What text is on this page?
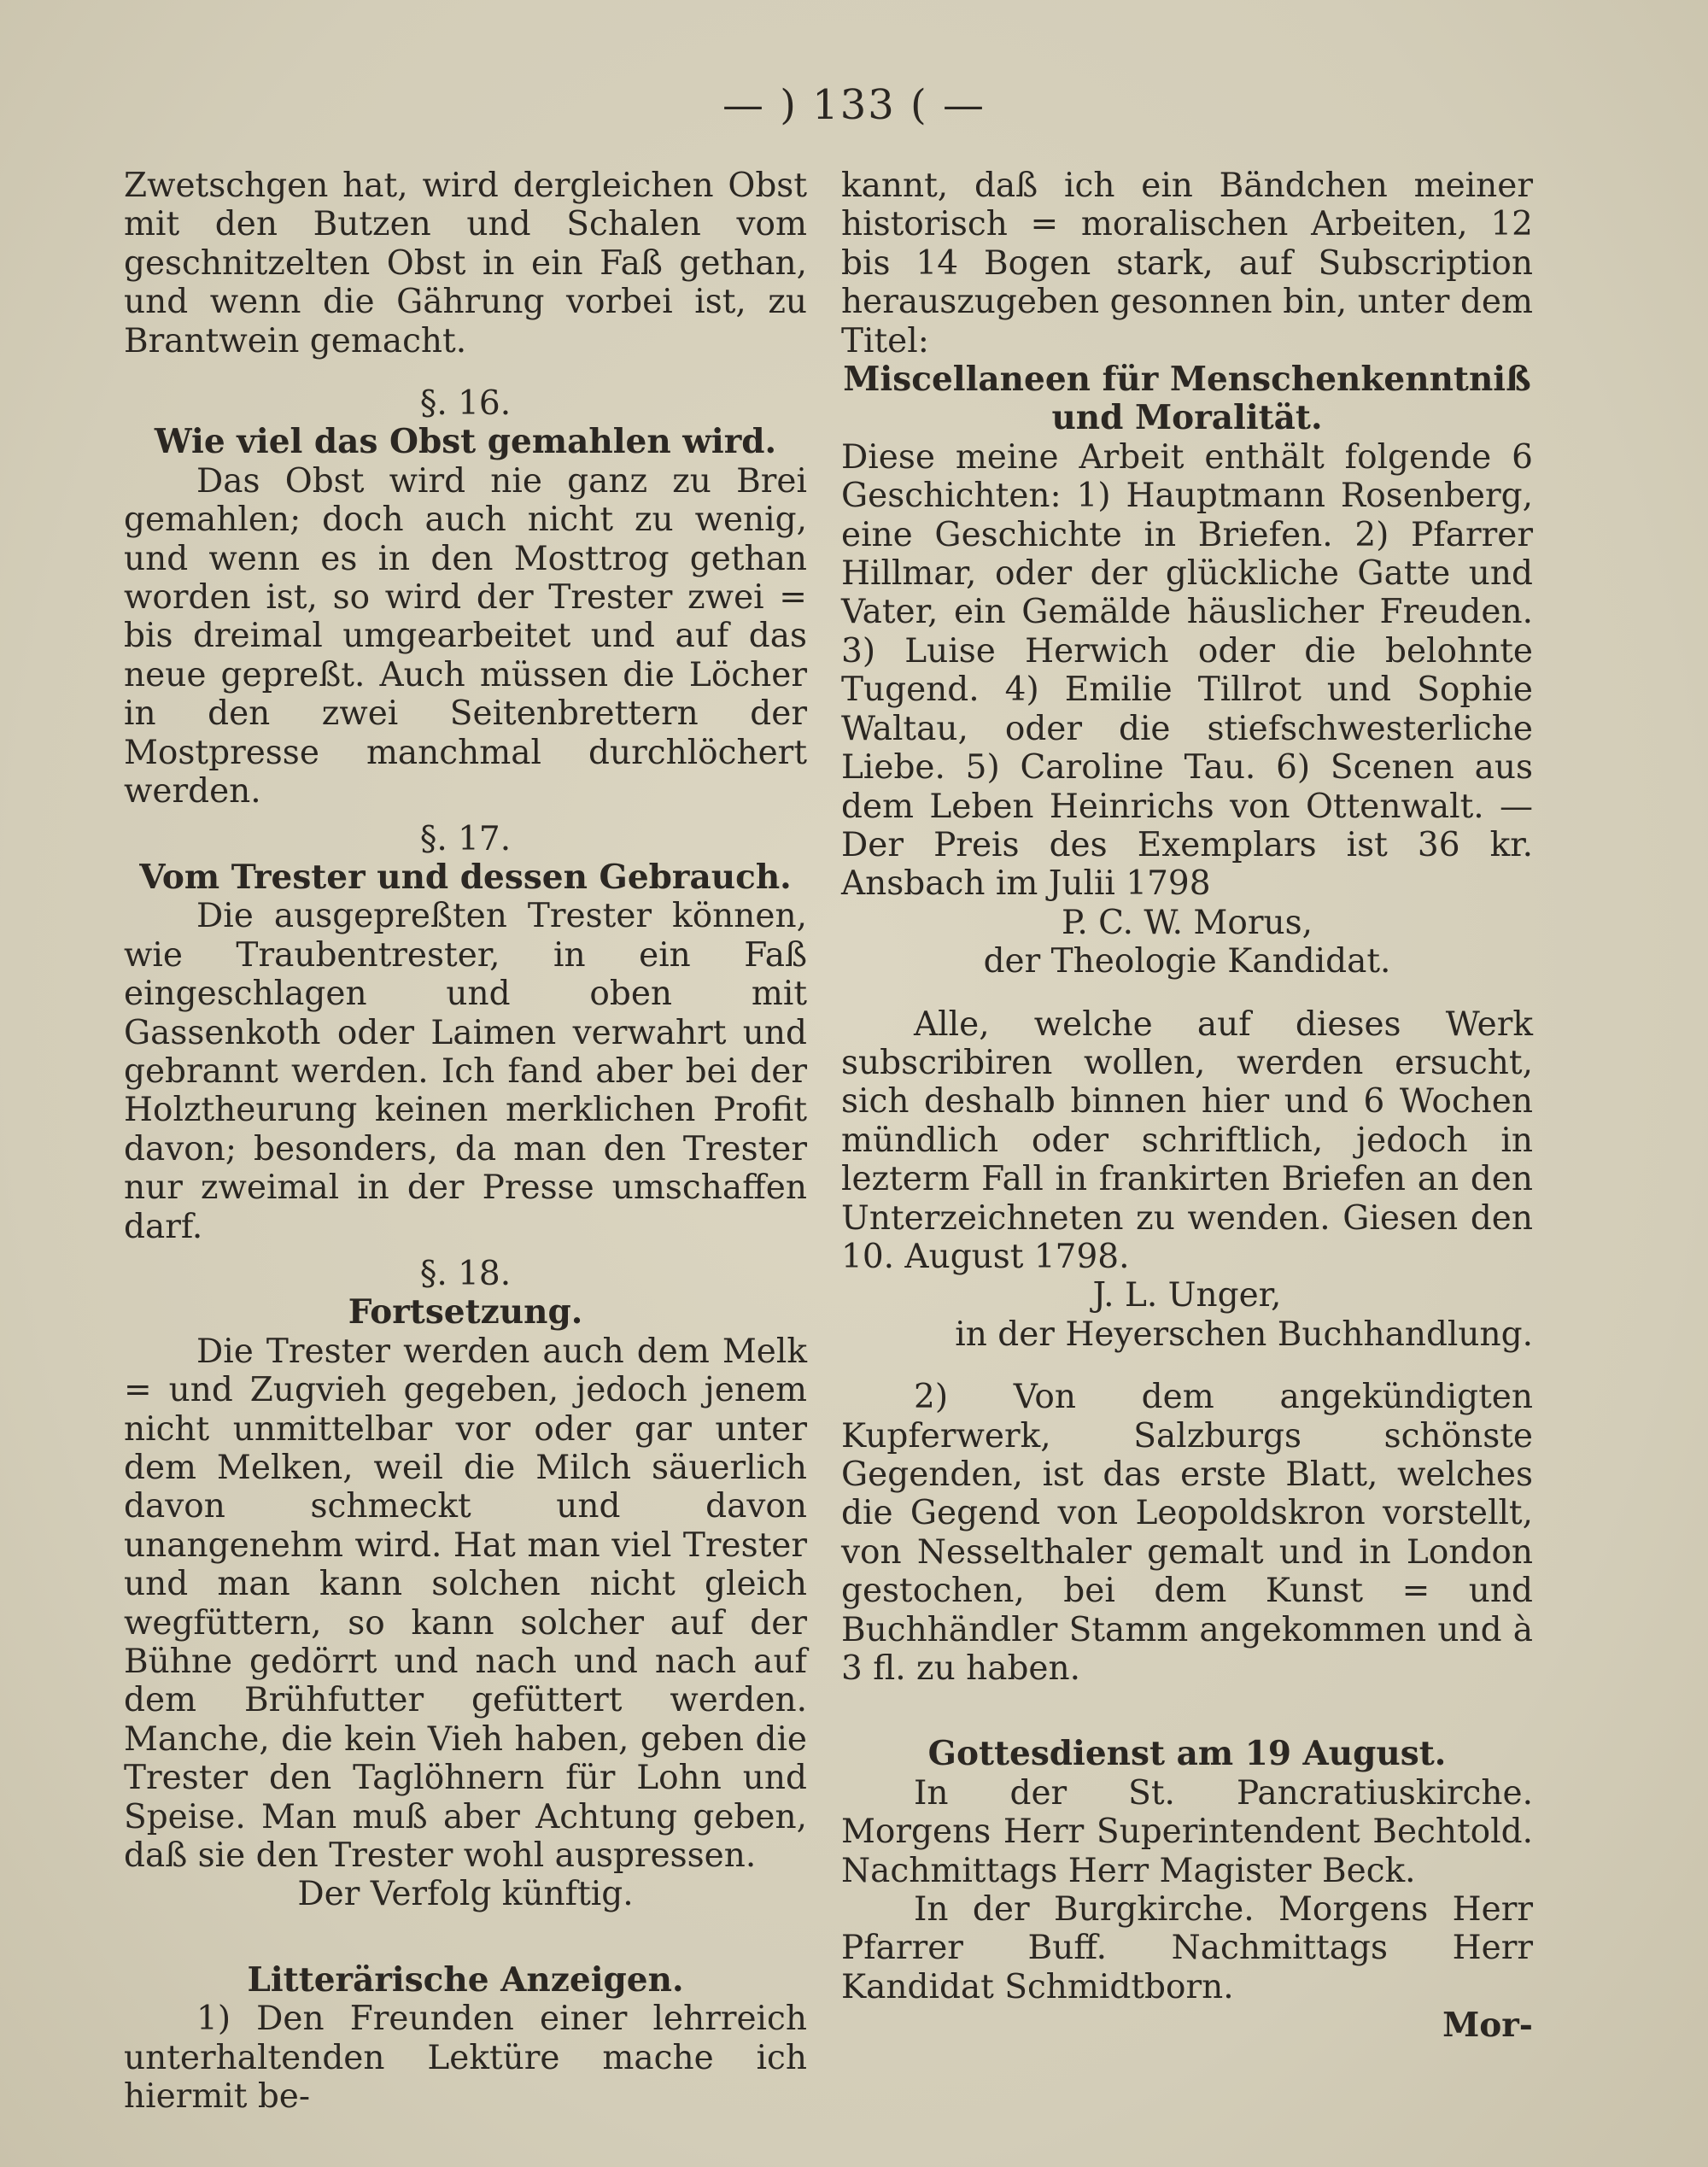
— ) 133 ( —

Zwetschgen hat, wird dergleichen Obst mit den Butzen und Schalen vom geschnitzelten Obst in ein Faß gethan, und wenn die Gährung vorbei ist, zu Brantwein gemacht.

§. 16.

Wie viel das Obst gemahlen wird.

Das Obst wird nie ganz zu Brei gemahlen; doch auch nicht zu wenig, und wenn es in den Mosttrog gethan worden ist, so wird der Trester zwei = bis dreimal umgearbeitet und auf das neue gepreßt. Auch müssen die Löcher in den zwei Seitenbrettern der Mostpresse manchmal durchlöchert werden.

§. 17.

Vom Trester und dessen Gebrauch.

Die ausgepreßten Trester können, wie Traubentrester, in ein Faß eingeschlagen und oben mit Gassenkoth oder Laimen verwahrt und gebrannt werden. Ich fand aber bei der Holztheurung keinen merklichen Profit davon; besonders, da man den Trester nur zweimal in der Presse umschaffen darf.

§. 18.

Fortsetzung.

Die Trester werden auch dem Melk = und Zugvieh gegeben, jedoch jenem nicht unmittelbar vor oder gar unter dem Melken, weil die Milch säuerlich davon schmeckt und davon unangenehm wird. Hat man viel Trester und man kann solchen nicht gleich wegfüttern, so kann solcher auf der Bühne gedörrt und nach und nach auf dem Brühfutter gefüttert werden. Manche, die kein Vieh haben, geben die Trester den Taglöhnern für Lohn und Speise. Man muß aber Achtung geben, daß sie den Trester wohl auspressen.

Der Verfolg künftig.

Litterärische Anzeigen.

1) Den Freunden einer lehrreich unterhaltenden Lektüre mache ich hiermit be-

kannt, daß ich ein Bändchen meiner historisch = moralischen Arbeiten, 12 bis 14 Bogen stark, auf Subscription herauszugeben gesonnen bin, unter dem Titel:

Miscellaneen für Menschenkenntniß und Moralität.

Diese meine Arbeit enthält folgende 6 Geschichten: 1) Hauptmann Rosenberg, eine Geschichte in Briefen. 2) Pfarrer Hillmar, oder der glückliche Gatte und Vater, ein Gemälde häuslicher Freuden. 3) Luise Herwich oder die belohnte Tugend. 4) Emilie Tillrot und Sophie Waltau, oder die stiefschwesterliche Liebe. 5) Caroline Tau. 6) Scenen aus dem Leben Heinrichs von Ottenwalt. — Der Preis des Exemplars ist 36 kr. Ansbach im Julii 1798

P. C. W. Morus,

der Theologie Kandidat.

Alle, welche auf dieses Werk subscribiren wollen, werden ersucht, sich deshalb binnen hier und 6 Wochen mündlich oder schriftlich, jedoch in lezterm Fall in frankirten Briefen an den Unterzeichneten zu wenden. Giesen den 10. August 1798.

J. L. Unger,

in der Heyerschen Buchhandlung.

2) Von dem angekündigten Kupferwerk, Salzburgs schönste Gegenden, ist das erste Blatt, welches die Gegend von Leopoldskron vorstellt, von Nesselthaler gemalt und in London gestochen, bei dem Kunst = und Buchhändler Stamm angekommen und à 3 fl. zu haben.

Gottesdienst am 19 August.

In der St. Pancratiuskirche. Morgens Herr Superintendent Bechtold. Nachmittags Herr Magister Beck.

In der Burgkirche. Morgens Herr Pfarrer Buff. Nachmittags Herr Kandidat Schmidtborn.

Mor-
